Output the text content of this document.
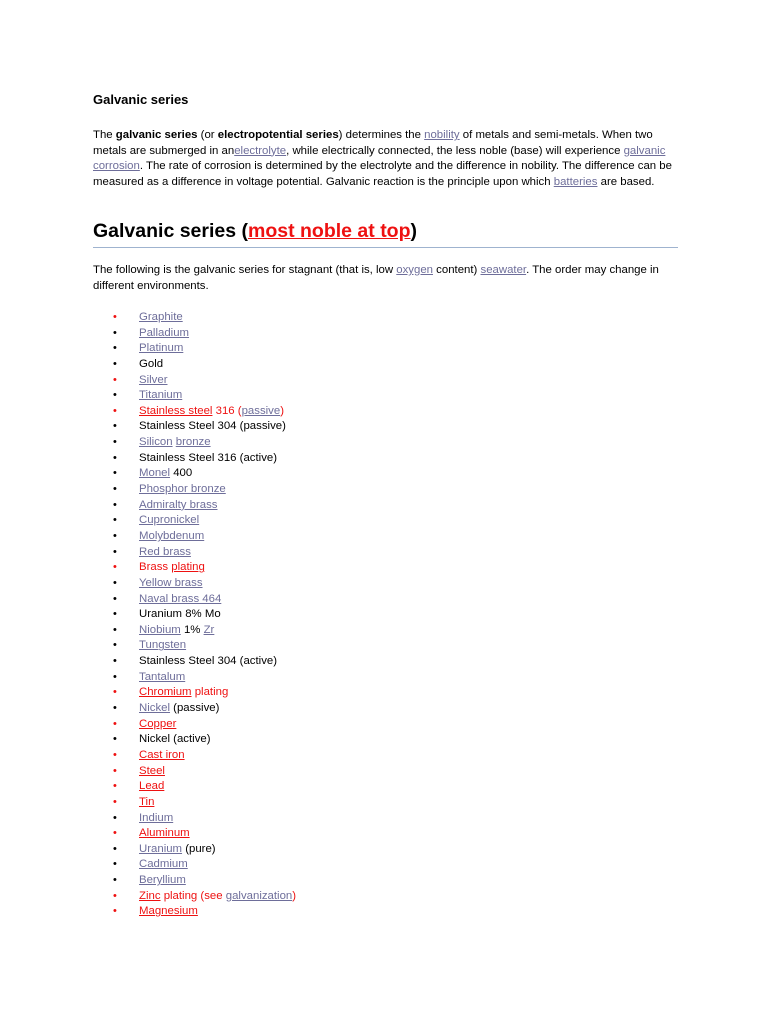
Galvanic series

The galvanic series (or electropotential series) determines the nobility of metals and semi-metals. When two metals are submerged in anelectrolyte, while electrically connected, the less noble (base) will experience galvanic corrosion. The rate of corrosion is determined by the electrolyte and the difference in nobility. The difference can be measured as a difference in voltage potential. Galvanic reaction is the principle upon which batteries are based.

Galvanic series (most noble at top)

The following is the galvanic series for stagnant (that is, low oxygen content) seawater. The order may change in different environments.

• Graphite
• Palladium
• Platinum
• Gold
• Silver
• Titanium
• Stainless steel 316 (passive)
• Stainless Steel 304 (passive)
• Silicon bronze
• Stainless Steel 316 (active)
• Monel 400
• Phosphor bronze
• Admiralty brass
• Cupronickel
• Molybdenum
• Red brass
• Brass plating
• Yellow brass
• Naval brass 464
• Uranium 8% Mo
• Niobium 1% Zr
• Tungsten
• Stainless Steel 304 (active)
• Tantalum
• Chromium plating
• Nickel (passive)
• Copper
• Nickel (active)
• Cast iron
• Steel
• Lead
• Tin
• Indium
• Aluminum
• Uranium (pure)
• Cadmium
• Beryllium
• Zinc plating (see galvanization)
• Magnesium
